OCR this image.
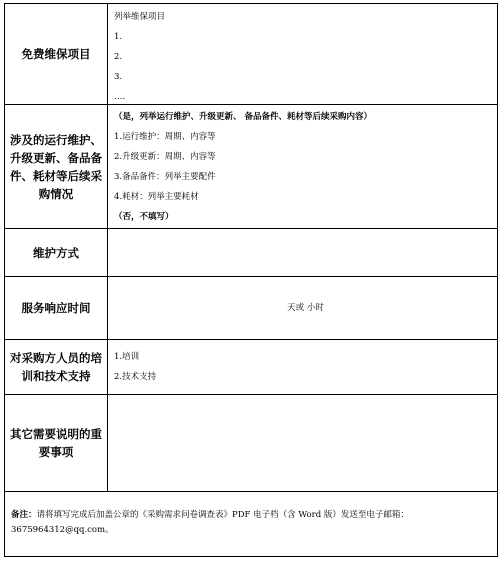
免费维保项目
列举维保项目
1.
2.
3.
….
涉及的运行维护、升级更新、备品备件、耗材等后续采购情况
（是，列举运行维护、升级更新、 备品备件、耗材等后续采购内容）
1.运行维护：周期、内容等
2.升级更新：周期、内容等
3.备品备件：列举主要配件
4.耗材：列举主要耗材
（否，不填写）
维护方式
服务响应时间	天或 小时
对采购方人员的培训和技术支持
1.培训
2.技术支持
其它需要说明的重要事项
备注：请将填写完成后加盖公章的《采购需求问卷调查表》PDF 电子档（含 Word 版）发送至电子邮箱：3675964312@qq.com。
